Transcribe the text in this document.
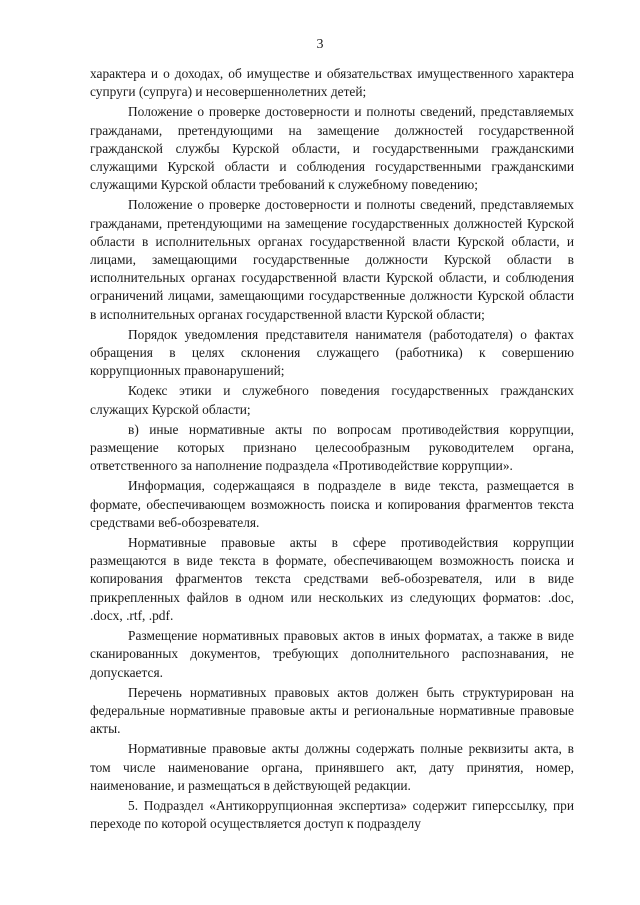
3

характера и о доходах, об имуществе и обязательствах имущественного характера супруги (супруга) и несовершеннолетних детей;

Положение о проверке достоверности и полноты сведений, представляемых гражданами, претендующими на замещение должностей государственной гражданской службы Курской области, и государственными гражданскими служащими Курской области и соблюдения государственными гражданскими служащими Курской области требований к служебному поведению;

Положение о проверке достоверности и полноты сведений, представляемых гражданами, претендующими на замещение государственных должностей Курской области в исполнительных органах государственной власти Курской области, и лицами, замещающими государственные должности Курской области в исполнительных органах государственной власти Курской области, и соблюдения ограничений лицами, замещающими государственные должности Курской области в исполнительных органах государственной власти Курской области;

Порядок уведомления представителя нанимателя (работодателя) о фактах обращения в целях склонения служащего (работника) к совершению коррупционных правонарушений;

Кодекс этики и служебного поведения государственных гражданских служащих Курской области;

в) иные нормативные акты по вопросам противодействия коррупции, размещение которых признано целесообразным руководителем органа, ответственного за наполнение подраздела «Противодействие коррупции».

Информация, содержащаяся в подразделе в виде текста, размещается в формате, обеспечивающем возможность поиска и копирования фрагментов текста средствами веб-обозревателя.

Нормативные правовые акты в сфере противодействия коррупции размещаются в виде текста в формате, обеспечивающем возможность поиска и копирования фрагментов текста средствами веб-обозревателя, или в виде прикрепленных файлов в одном или нескольких из следующих форматов: .doc, .docx, .rtf, .pdf.

Размещение нормативных правовых актов в иных форматах, а также в виде сканированных документов, требующих дополнительного распознавания, не допускается.

Перечень нормативных правовых актов должен быть структурирован на федеральные нормативные правовые акты и региональные нормативные правовые акты.

Нормативные правовые акты должны содержать полные реквизиты акта, в том числе наименование органа, принявшего акт, дату принятия, номер, наименование, и размещаться в действующей редакции.

5. Подраздел «Антикоррупционная экспертиза» содержит гиперссылку, при переходе по которой осуществляется доступ к подразделу
